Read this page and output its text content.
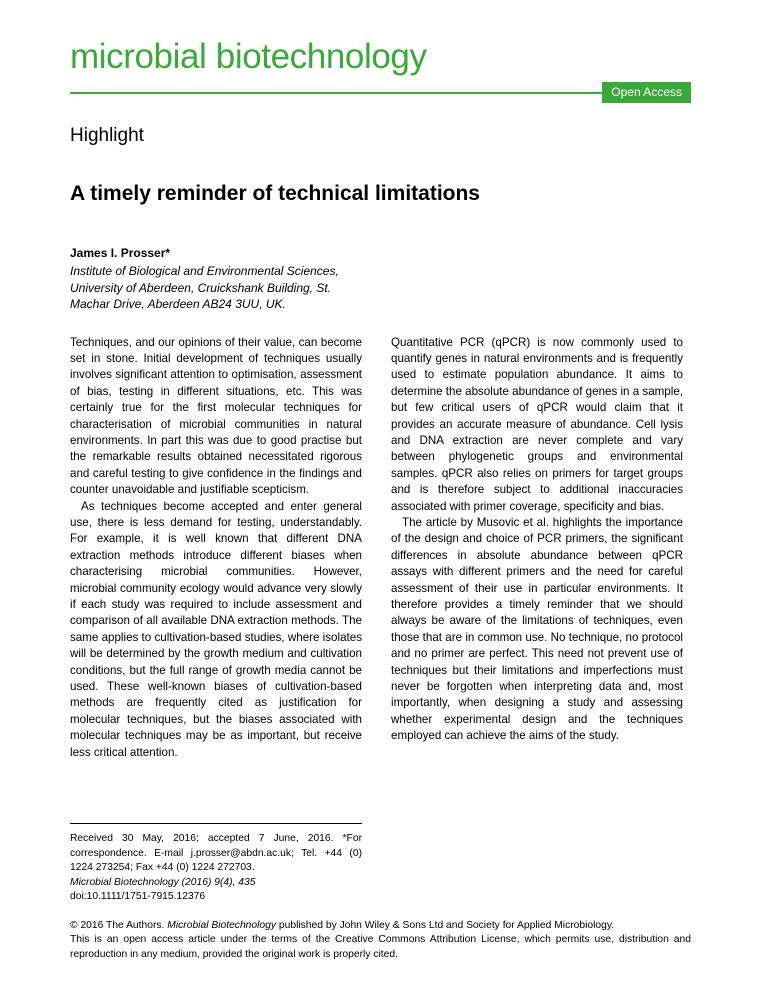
microbial biotechnology
Open Access
Highlight
A timely reminder of technical limitations
James I. Prosser*
Institute of Biological and Environmental Sciences, University of Aberdeen, Cruickshank Building, St. Machar Drive, Aberdeen AB24 3UU, UK.

Techniques, and our opinions of their value, can become set in stone. Initial development of techniques usually involves significant attention to optimisation, assessment of bias, testing in different situations, etc. This was certainly true for the first molecular techniques for characterisation of microbial communities in natural environments. In part this was due to good practise but the remarkable results obtained necessitated rigorous and careful testing to give confidence in the findings and counter unavoidable and justifiable scepticism.

As techniques become accepted and enter general use, there is less demand for testing, understandably. For example, it is well known that different DNA extraction methods introduce different biases when characterising microbial communities. However, microbial community ecology would advance very slowly if each study was required to include assessment and comparison of all available DNA extraction methods. The same applies to cultivation-based studies, where isolates will be determined by the growth medium and cultivation conditions, but the full range of growth media cannot be used. These well-known biases of cultivation-based methods are frequently cited as justification for molecular techniques, but the biases associated with molecular techniques may be as important, but receive less critical attention.

Quantitative PCR (qPCR) is now commonly used to quantify genes in natural environments and is frequently used to estimate population abundance. It aims to determine the absolute abundance of genes in a sample, but few critical users of qPCR would claim that it provides an accurate measure of abundance. Cell lysis and DNA extraction are never complete and vary between phylogenetic groups and environmental samples. qPCR also relies on primers for target groups and is therefore subject to additional inaccuracies associated with primer coverage, specificity and bias.

The article by Musovic et al. highlights the importance of the design and choice of PCR primers, the significant differences in absolute abundance between qPCR assays with different primers and the need for careful assessment of their use in particular environments. It therefore provides a timely reminder that we should always be aware of the limitations of techniques, even those that are in common use. No technique, no protocol and no primer are perfect. This need not prevent use of techniques but their limitations and imperfections must never be forgotten when interpreting data and, most importantly, when designing a study and assessing whether experimental design and the techniques employed can achieve the aims of the study.

Received 30 May, 2016; accepted 7 June, 2016. *For correspondence. E-mail j.prosser@abdn.ac.uk; Tel. +44 (0) 1224 273254; Fax +44 (0) 1224 272703.
Microbial Biotechnology (2016) 9(4), 435
doi:10.1111/1751-7915.12376

© 2016 The Authors. Microbial Biotechnology published by John Wiley & Sons Ltd and Society for Applied Microbiology.
This is an open access article under the terms of the Creative Commons Attribution License, which permits use, distribution and reproduction in any medium, provided the original work is properly cited.
